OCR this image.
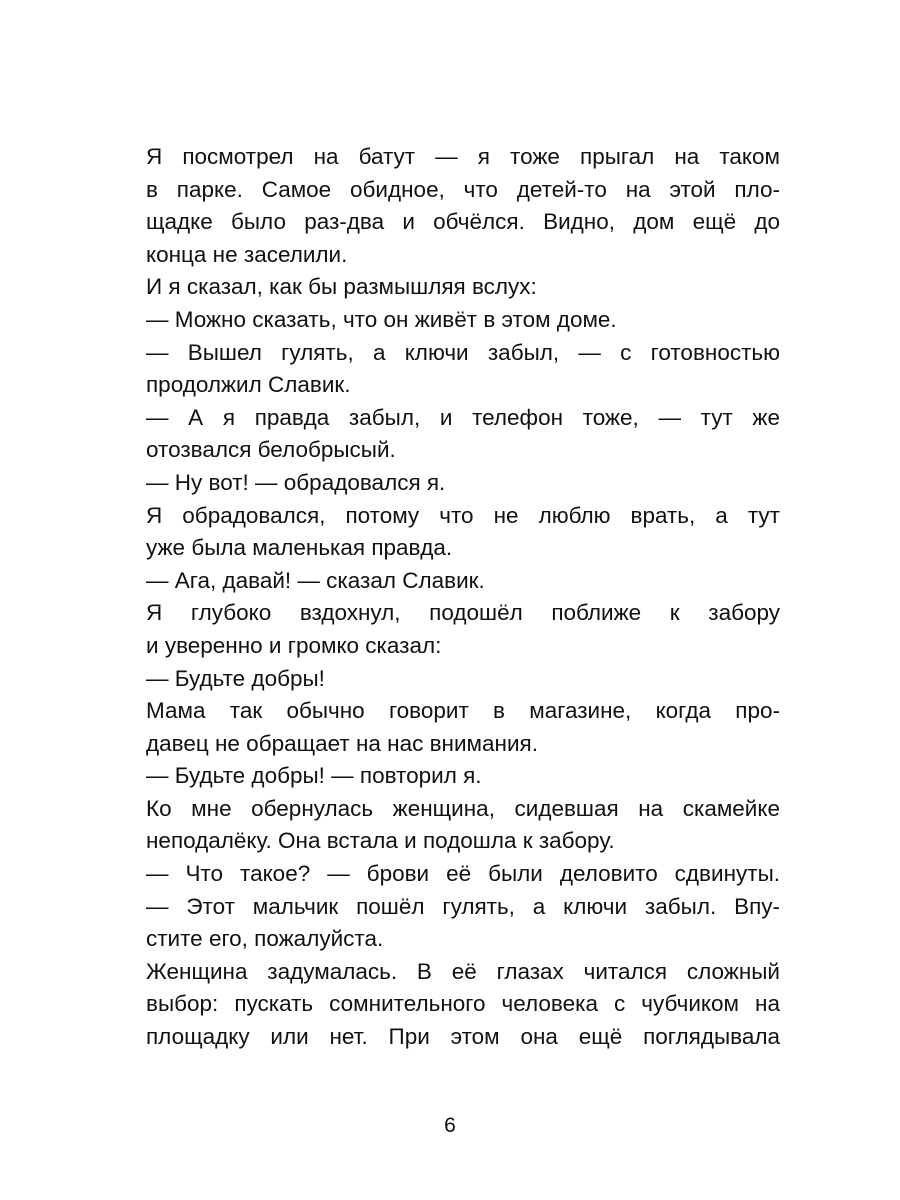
Я посмотрел на батут — я тоже прыгал на таком
в парке. Самое обидное, что детей-то на этой пло-
щадке было раз-два и обчёлся. Видно, дом ещё до
конца не заселили.
И я сказал, как бы размышляя вслух:
— Можно сказать, что он живёт в этом доме.
— Вышел гулять, а ключи забыл, — с готовностью
продолжил Славик.
— А я правда забыл, и телефон тоже, — тут же
отозвался белобрысый.
— Ну вот! — обрадовался я.
Я обрадовался, потому что не люблю врать, а тут
уже была маленькая правда.
— Ага, давай! — сказал Славик.
Я глубоко вздохнул, подошёл поближе к забору
и уверенно и громко сказал:
— Будьте добры!
Мама так обычно говорит в магазине, когда про-
давец не обращает на нас внимания.
— Будьте добры! — повторил я.
Ко мне обернулась женщина, сидевшая на скамейке
неподалёку. Она встала и подошла к забору.
— Что такое? — брови её были деловито сдвинуты.
— Этот мальчик пошёл гулять, а ключи забыл. Впу-
стите его, пожалуйста.
Женщина задумалась. В её глазах читался сложный
выбор: пускать сомнительного человека с чубчиком на
площадку или нет. При этом она ещё поглядывала
6
